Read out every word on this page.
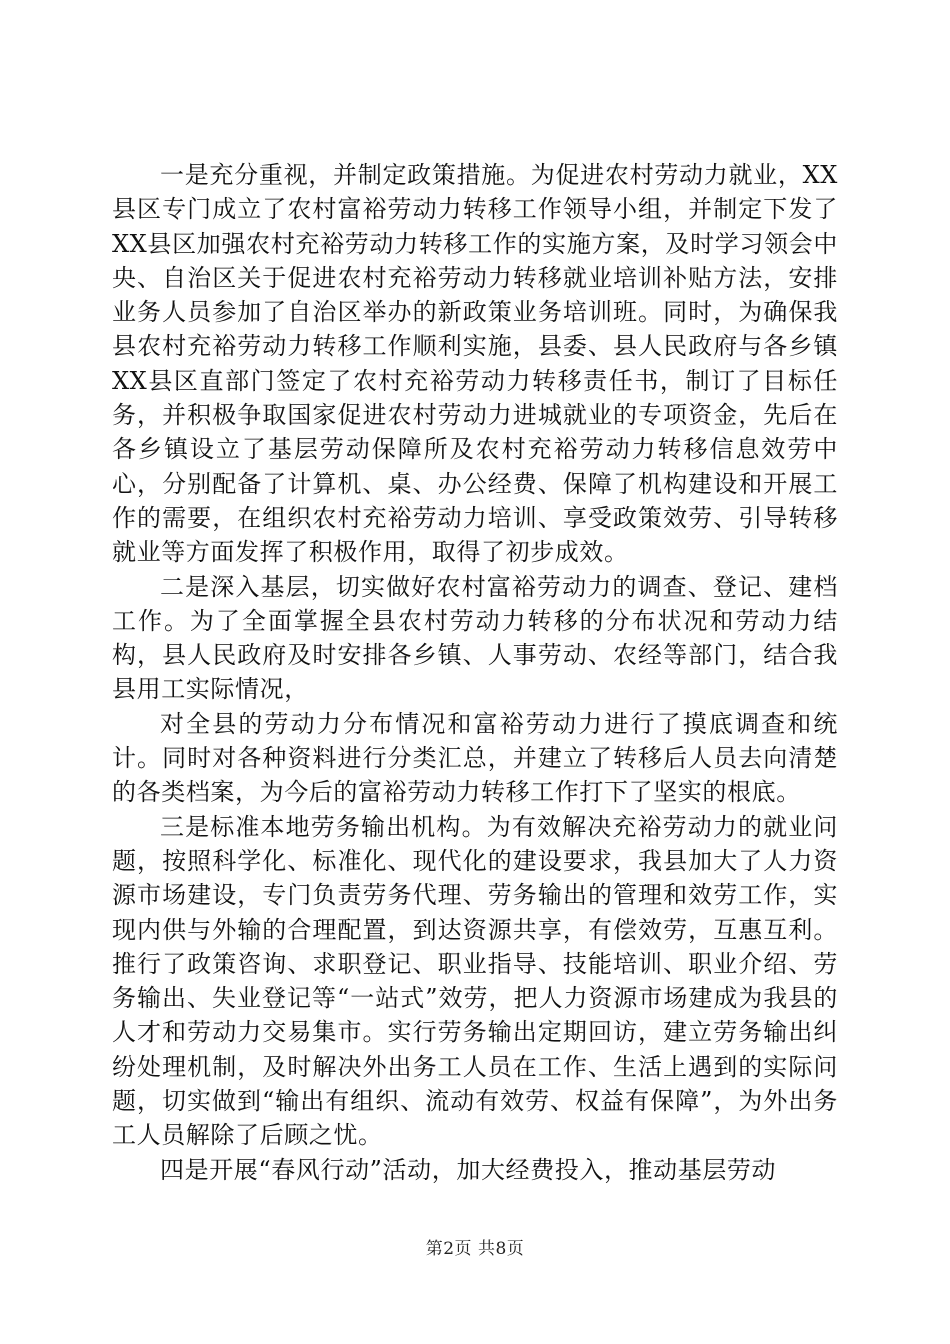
一是充分重视，并制定政策措施。为促进农村劳动力就业，XX县区专门成立了农村富裕劳动力转移工作领导小组，并制定下发了XX县区加强农村充裕劳动力转移工作的实施方案，及时学习领会中央、自治区关于促进农村充裕劳动力转移就业培训补贴方法，安排业务人员参加了自治区举办的新政策业务培训班。同时，为确保我县农村充裕劳动力转移工作顺利实施，县委、县人民政府与各乡镇XX县区直部门签定了农村充裕劳动力转移责任书，制订了目标任务，并积极争取国家促进农村劳动力进城就业的专项资金，先后在各乡镇设立了基层劳动保障所及农村充裕劳动力转移信息效劳中心，分别配备了计算机、桌、办公经费、保障了机构建设和开展工作的需要，在组织农村充裕劳动力培训、享受政策效劳、引导转移就业等方面发挥了积极作用，取得了初步成效。

二是深入基层，切实做好农村富裕劳动力的调查、登记、建档工作。为了全面掌握全县农村劳动力转移的分布状况和劳动力结构，县人民政府及时安排各乡镇、人事劳动、农经等部门，结合我县用工实际情况，

对全县的劳动力分布情况和富裕劳动力进行了摸底调查和统计。同时对各种资料进行分类汇总，并建立了转移后人员去向清楚的各类档案，为今后的富裕劳动力转移工作打下了坚实的根底。

三是标准本地劳务输出机构。为有效解决充裕劳动力的就业问题，按照科学化、标准化、现代化的建设要求，我县加大了人力资源市场建设，专门负责劳务代理、劳务输出的管理和效劳工作，实现内供与外输的合理配置，到达资源共享，有偿效劳，互惠互利。推行了政策咨询、求职登记、职业指导、技能培训、职业介绍、劳务输出、失业登记等“一站式”效劳，把人力资源市场建成为我县的人才和劳动力交易集市。实行劳务输出定期回访，建立劳务输出纠纷处理机制，及时解决外出务工人员在工作、生活上遇到的实际问题，切实做到“输出有组织、流动有效劳、权益有保障”，为外出务工人员解除了后顾之忧。

四是开展“春风行动”活动，加大经费投入，推动基层劳动

第2页 共8页
